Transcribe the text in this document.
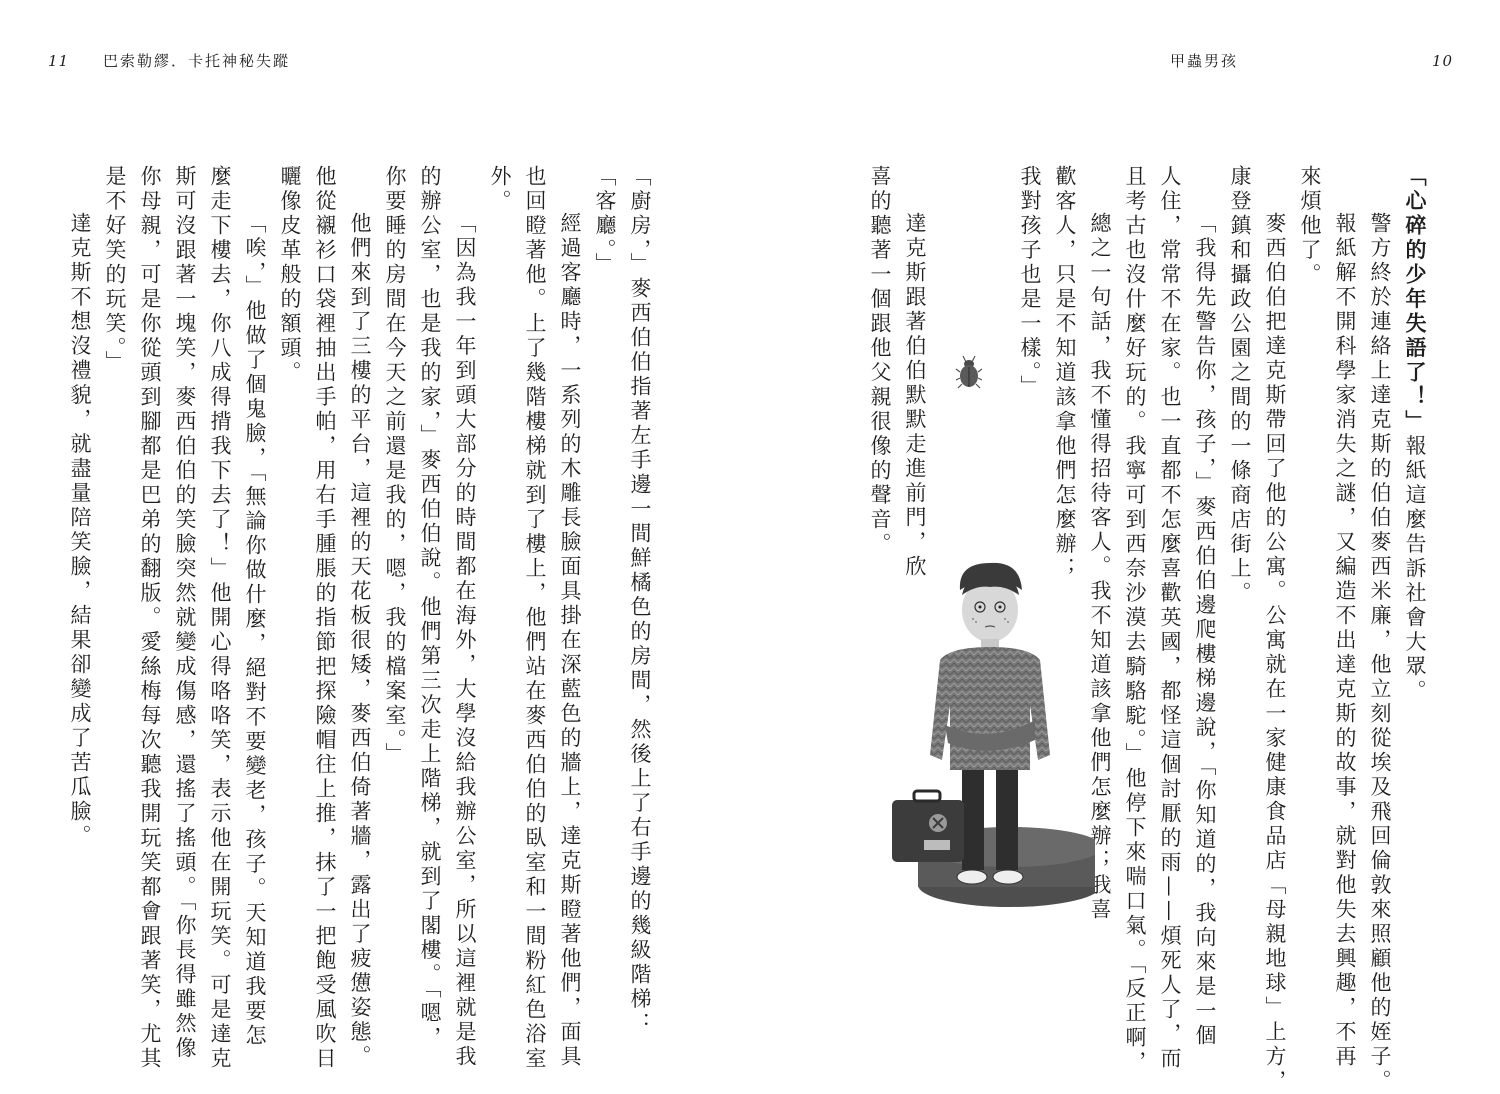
11 巴索勒繆．卡托神秘失蹤
「廚房，」麥西伯伯指著左手邊一間鮮橘色的房間，然後上了右手邊的幾級階梯：
「客廳。」
經過客廳時，一系列的木雕長臉面具掛在深藍色的牆上，達克斯瞪著他們，面具
也回瞪著他。上了幾階樓梯就到了樓上，他們站在麥西伯伯的臥室和一間粉紅色浴室
外。
「因為我一年到頭大部分的時間都在海外，大學沒給我辦公室，所以這裡就是我
的辦公室，也是我的家，」麥西伯伯說。他們第三次走上階梯，就到了閣樓。「嗯，
你要睡的房間在今天之前還是我的，嗯，我的檔案室。」
他們來到了三樓的平台，這裡的天花板很矮，麥西伯倚著牆，露出了疲憊姿態。
他從襯衫口袋裡抽出手帕，用右手腫脹的指節把探險帽往上推，抹了一把飽受風吹日
曬像皮革般的額頭。
「唉，」他做了個鬼臉，「無論你做什麼，絕對不要變老，孩子。天知道我要怎
麼走下樓去，你八成得揹我下去了！」他開心得咯咯笑，表示他在開玩笑。可是達克
斯可沒跟著一塊笑，麥西伯伯的笑臉突然就變成傷感，還搖了搖頭。「你長得雖然像
你母親，可是你從頭到腳都是巴弟的翻版。愛絲梅每次聽我開玩笑都會跟著笑，尤其
是不好笑的玩笑。」
達克斯不想沒禮貌，就盡量陪笑臉，結果卻變成了苦瓜臉。
甲蟲男孩	10
「心碎的少年失語了！」報紙這麼告訴社會大眾。
警方終於連絡上達克斯的伯伯麥西米廉，他立刻從埃及飛回倫敦來照顧他的姪子。
報紙解不開科學家消失之謎，又編造不出達克斯的故事，就對他失去興趣，不再
來煩他了。
麥西伯伯把達克斯帶回了他的公寓。公寓就在一家健康食品店「母親地球」上方，
康登鎮和攝政公園之間的一條商店街上。
「我得先警告你，孩子，」麥西伯伯邊爬樓梯邊說，「你知道的，我向來是一個
人住，常常不在家。也一直都不怎麼喜歡英國，都怪這個討厭的雨——煩死人了，而
且考古也沒什麼好玩的。我寧可到西奈沙漠去騎駱駝。」他停下來喘口氣。「反正啊，
總之一句話，我不懂得招待客人。我不知道該拿他們怎麼辦；我喜
歡客人，只是不知道該拿他們怎麼辦；
我對孩子也是一樣。」
達克斯跟著伯伯默默走進前門，欣
喜的聽著一個跟他父親很像的聲音。
